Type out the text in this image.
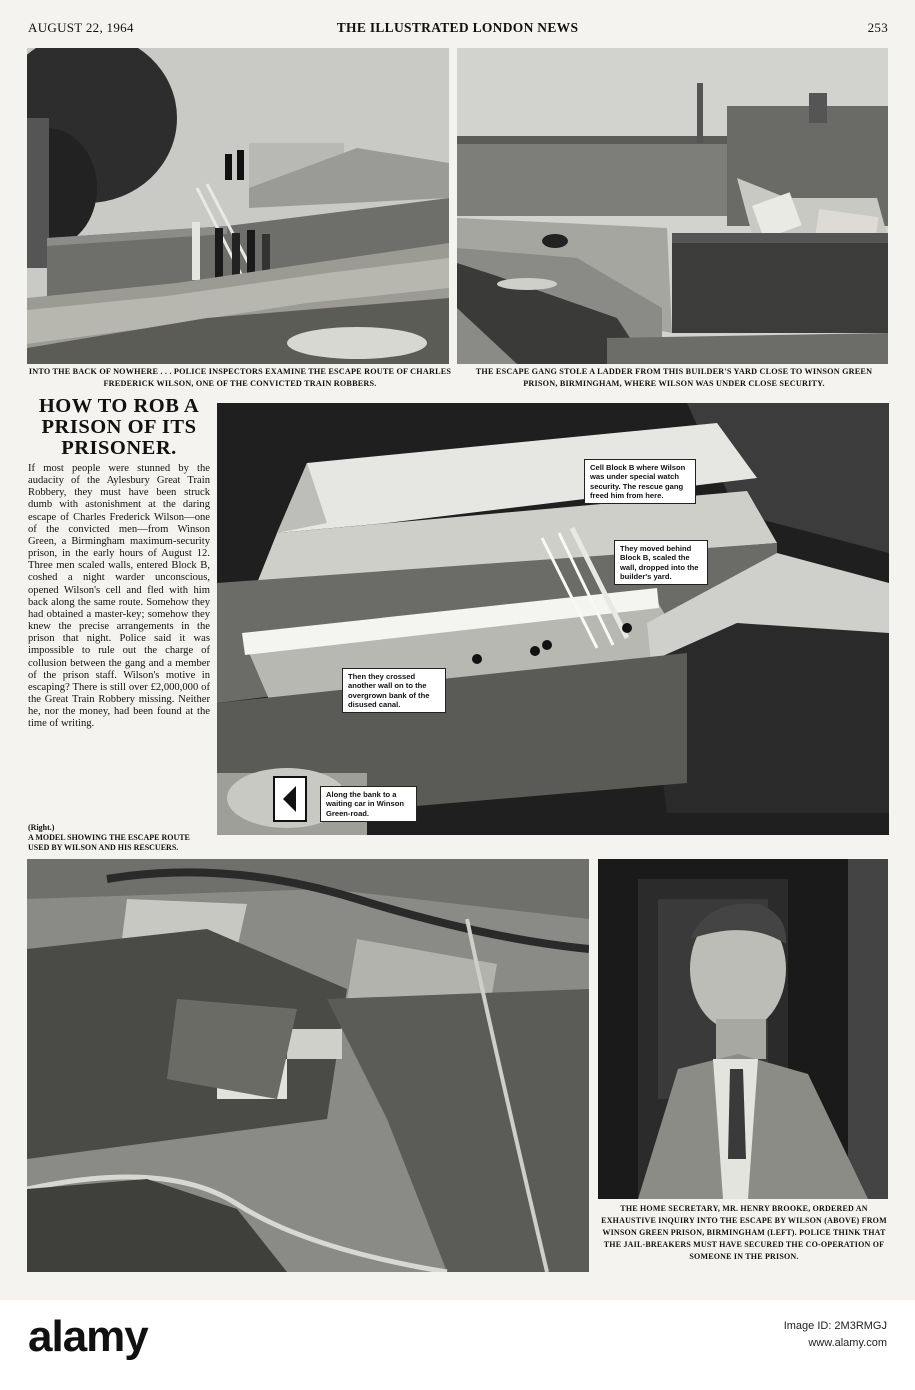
AUGUST 22, 1964	THE ILLUSTRATED LONDON NEWS	253
INTO THE BACK OF NOWHERE . . . POLICE INSPECTORS EXAMINE THE ESCAPE ROUTE OF CHARLES FREDERICK WILSON, ONE OF THE CONVICTED TRAIN ROBBERS.
THE ESCAPE GANG STOLE A LADDER FROM THIS BUILDER'S YARD CLOSE TO WINSON GREEN PRISON, BIRMINGHAM, WHERE WILSON WAS UNDER CLOSE SECURITY.
HOW TO ROB A PRISON OF ITS PRISONER.

If most people were stunned by the audacity of the Aylesbury Great Train Robbery, they must have been struck dumb with astonishment at the daring escape of Charles Frederick Wilson—one of the convicted men—from Winson Green, a Birmingham maximum-security prison, in the early hours of August 12. Three men scaled walls, entered Block B, coshed a night warder unconscious, opened Wilson's cell and fled with him back along the same route. Somehow they had obtained a master-key; somehow they knew the precise arrangements in the prison that night. Police said it was impossible to rule out the charge of collusion between the gang and a member of the prison staff. Wilson's motive in escaping? There is still over £2,000,000 of the Great Train Robbery missing. Neither he, nor the money, had been found at the time of writing.

(Right.)
A MODEL SHOWING THE ESCAPE ROUTE USED BY WILSON AND HIS RESCUERS.
Cell Block B where Wilson was under special watch security. The rescue gang freed him from here.
They moved behind Block B, scaled the wall, dropped into the builder's yard.
Then they crossed another wall on to the overgrown bank of the disused canal.
Along the bank to a waiting car in Winson Green-road.
THE HOME SECRETARY, MR. HENRY BROOKE, ORDERED AN EXHAUSTIVE INQUIRY INTO THE ESCAPE BY WILSON (ABOVE) FROM WINSON GREEN PRISON, BIRMINGHAM (LEFT). POLICE THINK THAT THE JAIL-BREAKERS MUST HAVE SECURED THE CO-OPERATION OF SOMEONE IN THE PRISON.
alamy	Image ID: 2M3RMGJ
www.alamy.com
